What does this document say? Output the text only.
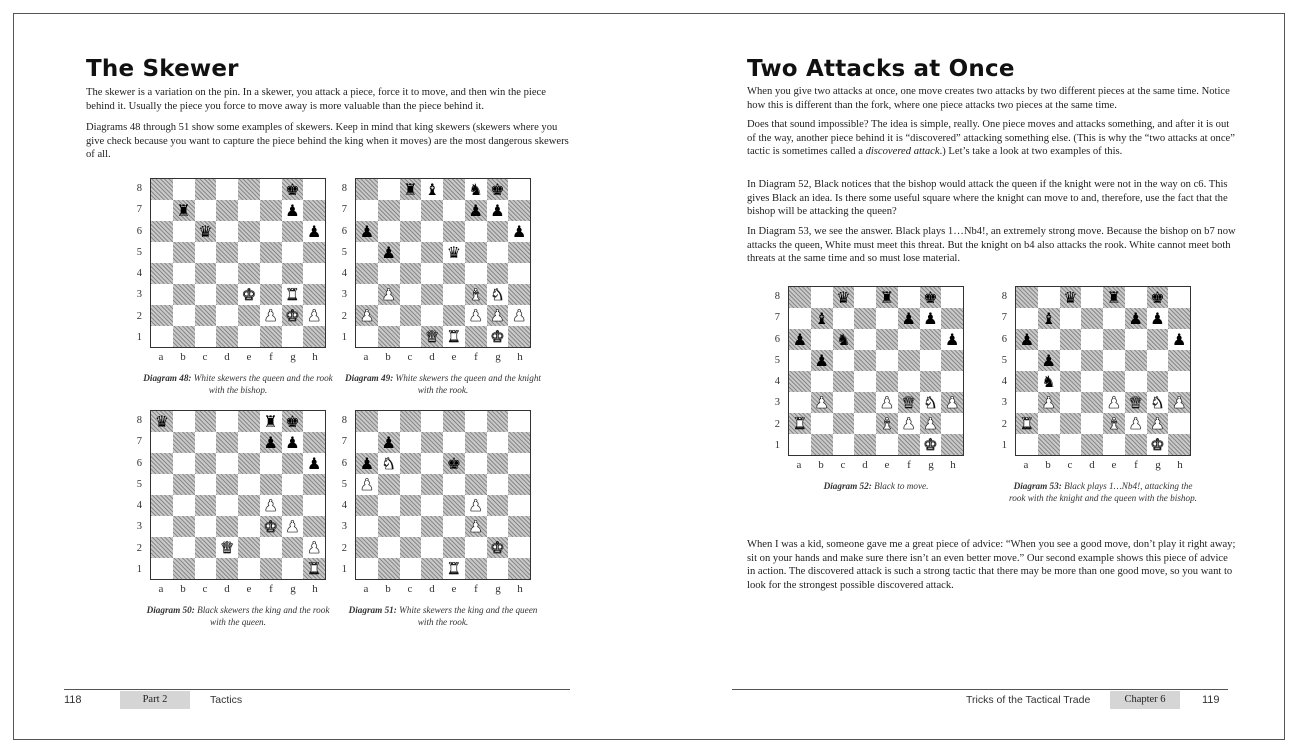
The Skewer

The skewer is a variation on the pin. In a skewer, you attack a piece, force it to move, and then win the piece behind it. Usually the piece you force to move away is more valuable than the piece behind it.

Diagrams 48 through 51 show some examples of skewers. Keep in mind that king skewers (skewers where you give check because you want to capture the piece behind the king when it moves) are the most dangerous skewers of all.

118	Part 2	Tactics
Two Attacks at Once

When you give two attacks at once, one move creates two attacks by two different pieces at the same time. Notice how this is different than the fork, where one piece attacks two pieces at the same time.

Does that sound impossible? The idea is simple, really. One piece moves and attacks something, and after it is out of the way, another piece behind it is “discovered” attacking something else. (This is why the “two attacks at once” tactic is sometimes called a discovered attack.) Let’s take a look at two examples of this.

In Diagram 52, Black notices that the bishop would attack the queen if the knight were not in the way on c6. This gives Black an idea. Is there some useful square where the knight can move to and, therefore, use the fact that the bishop will be attacking the queen?

In Diagram 53, we see the answer. Black plays 1…Nb4!, an extremely strong move. Because the bishop on b7 now attacks the queen, White must meet this threat. But the knight on b4 also attacks the rook. White cannot meet both threats at the same time and so must lose material.

When I was a kid, someone gave me a great piece of advice: “When you see a good move, don’t play it right away; sit on your hands and make sure there isn’t an even better move.” Our second example shows this piece of advice in action. The discovered attack is such a strong tactic that there may be more than one good move, so you want to look for the strongest possible discovered attack.

Tricks of the Tactical Trade	Chapter 6	119
♚
♜	♟
♛	♟
♚ ♜
♟ ♚ ♟
8
7
6
5
4
3
2
1
a	b	c	d	e	f	g	h
Diagram 48: White skewers the queen and the rook with the bishop.
♜ ♝ ♞ ♚
♟ ♟
♟	♟
♟	♛
♟	♝ ♞
♟	♟ ♟ ♟
♛ ♜ ♚
8
7
6
5
4
3
2
1
a	b	c	d	e	f	g	h
Diagram 49: White skewers the queen and the knight with the rook.
♛	♜ ♚
♟ ♟
♟
♟
♚ ♟
♛	♟
♜
8
7
6
5
4
3
2
1
a	b	c	d	e	f	g	h
Diagram 50: Black skewers the king and the rook with the queen.
♟
♟ ♞	♚
♟
♟
♟
♚
♜
8
7
6
5
4
3
2
1
a	b	c	d	e	f	g	h
Diagram 51: White skewers the king and the queen with the rook.
♛ ♜ ♚
♝	♟ ♟
♟ ♞	♟
♟
♟	♟ ♛ ♞ ♟
♜	♝ ♟ ♟
♚
8
7
6
5
4
3
2
1
a	b	c	d	e	f	g	h
Diagram 52: Black to move.
♛ ♜ ♚
♝	♟ ♟
♟	♟
♟
♞
♟	♟ ♛ ♞ ♟
♜	♝ ♟ ♟
♚
8
7
6
5
4
3
2
1
a	b	c	d	e	f	g	h
Diagram 53: Black plays 1…Nb4!, attacking the rook with the knight and the queen with the bishop.
